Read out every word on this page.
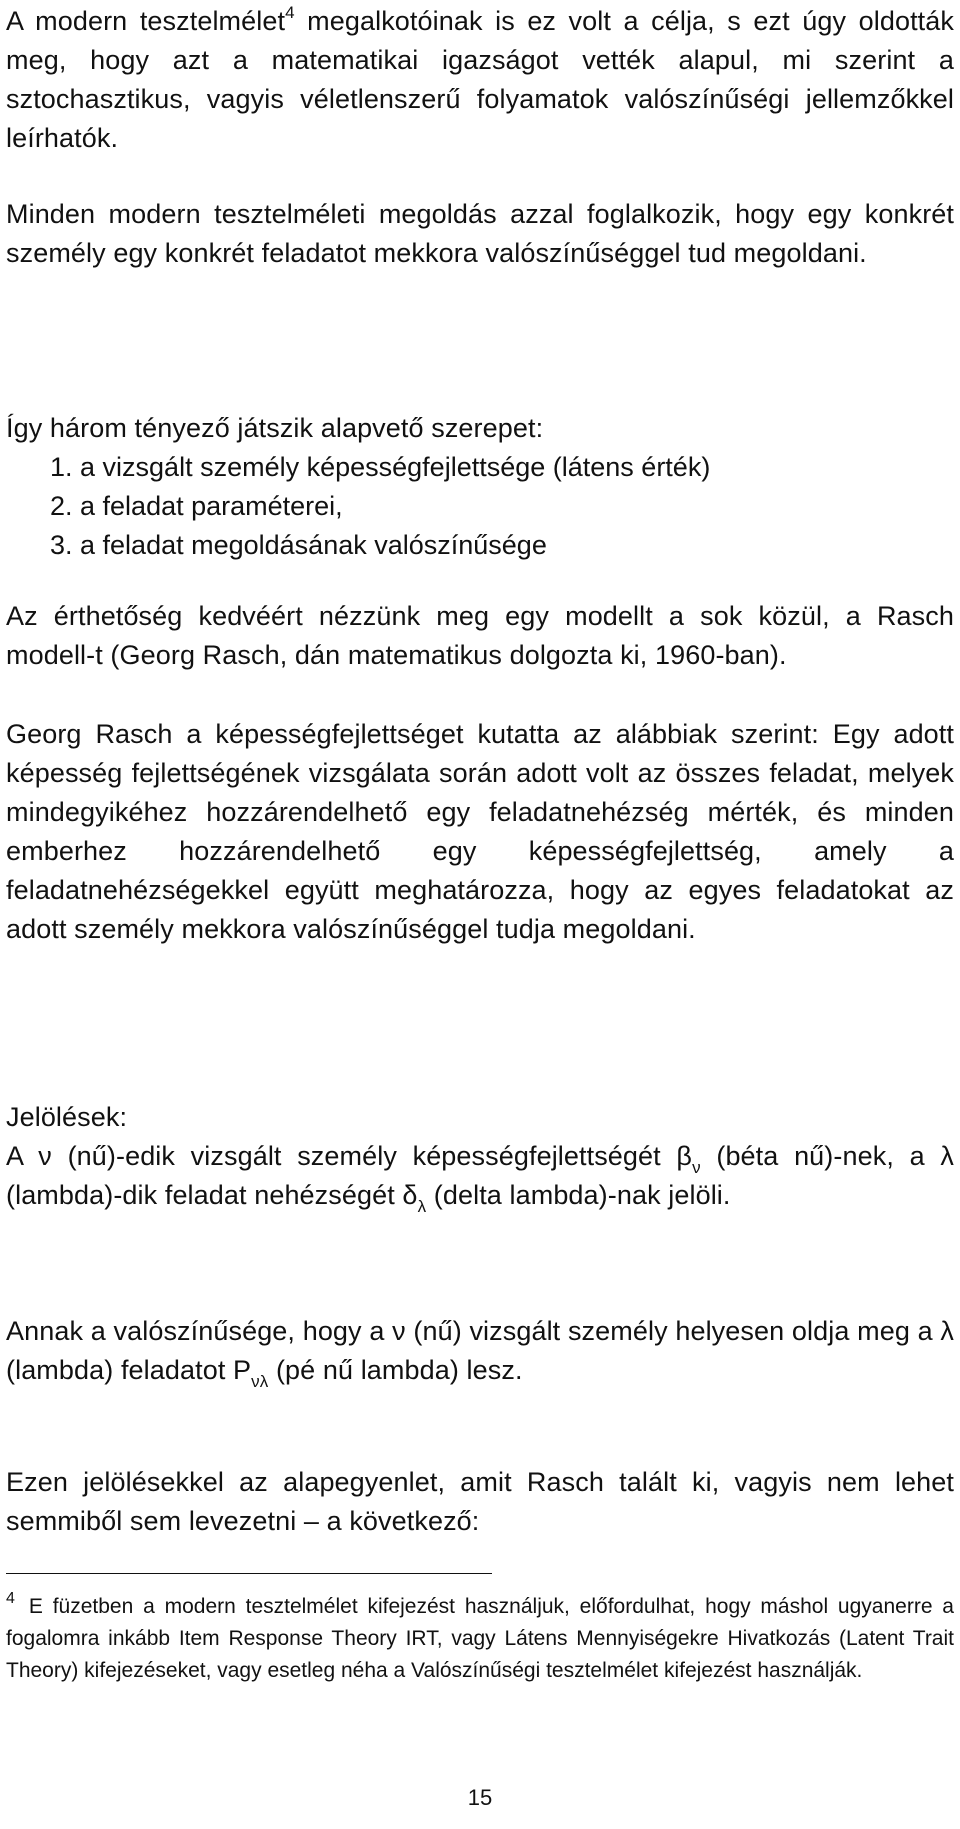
A modern tesztelmélet$^4$ megalkotóinak is ez volt a célja, s ezt úgy oldották meg, hogy azt a matematikai igazságot vették alapul, mi szerint a sztochasztikus, vagyis véletlenszerű folyamatok valószínűségi jellemzőkkel leírhatók.

Minden modern tesztelméleti megoldás azzal foglalkozik, hogy egy konkrét személy egy konkrét feladatot mekkora valószínűséggel tud megoldani.

Így három tényező játszik alapvető szerepet:

1. a vizsgált személy képességfejlettsége (látens érték)
2. a feladat paraméterei,
3. a feladat megoldásának valószínűsége

Az érthetőség kedvéért nézzünk meg egy modellt a sok közül, a Rasch modell-t (Georg Rasch, dán matematikus dolgozta ki, 1960-ban).

Georg Rasch a képességfejlettséget kutatta az alábbiak szerint: Egy adott képesség fejlettségének vizsgálata során adott volt az összes feladat, melyek mindegyikéhez hozzárendelhető egy feladatnehézség mérték, és minden emberhez hozzárendelhető egy képességfejlettség, amely a feladatnehézségekkel együtt meghatározza, hogy az egyes feladatokat az adott személy mekkora valószínűséggel tudja megoldani.

Jelölések:

A ν (nű)-edik vizsgált személy képességfejlettségét $\beta_\nu$ (béta nű)-nek, a λ (lambda)-dik feladat nehézségét $\delta_\lambda$ (delta lambda)-nak jelöli.

Annak a valószínűsége, hogy a ν (nű) vizsgált személy helyesen oldja meg a λ (lambda) feladatot $P_{\nu\lambda}$ (pé nű lambda) lesz.

Ezen jelölésekkel az alapegyenlet, amit Rasch talált ki, vagyis nem lehet semmiből sem levezetni – a következő:

$^4$ E füzetben a modern tesztelmélet kifejezést használjuk, előfordulhat, hogy máshol ugyanerre a fogalomra inkább Item Response Theory IRT, vagy Látens Mennyiségekre Hivatkozás (Latent Trait Theory) kifejezéseket, vagy esetleg néha a Valószínűségi tesztelmélet kifejezést használják.

15
